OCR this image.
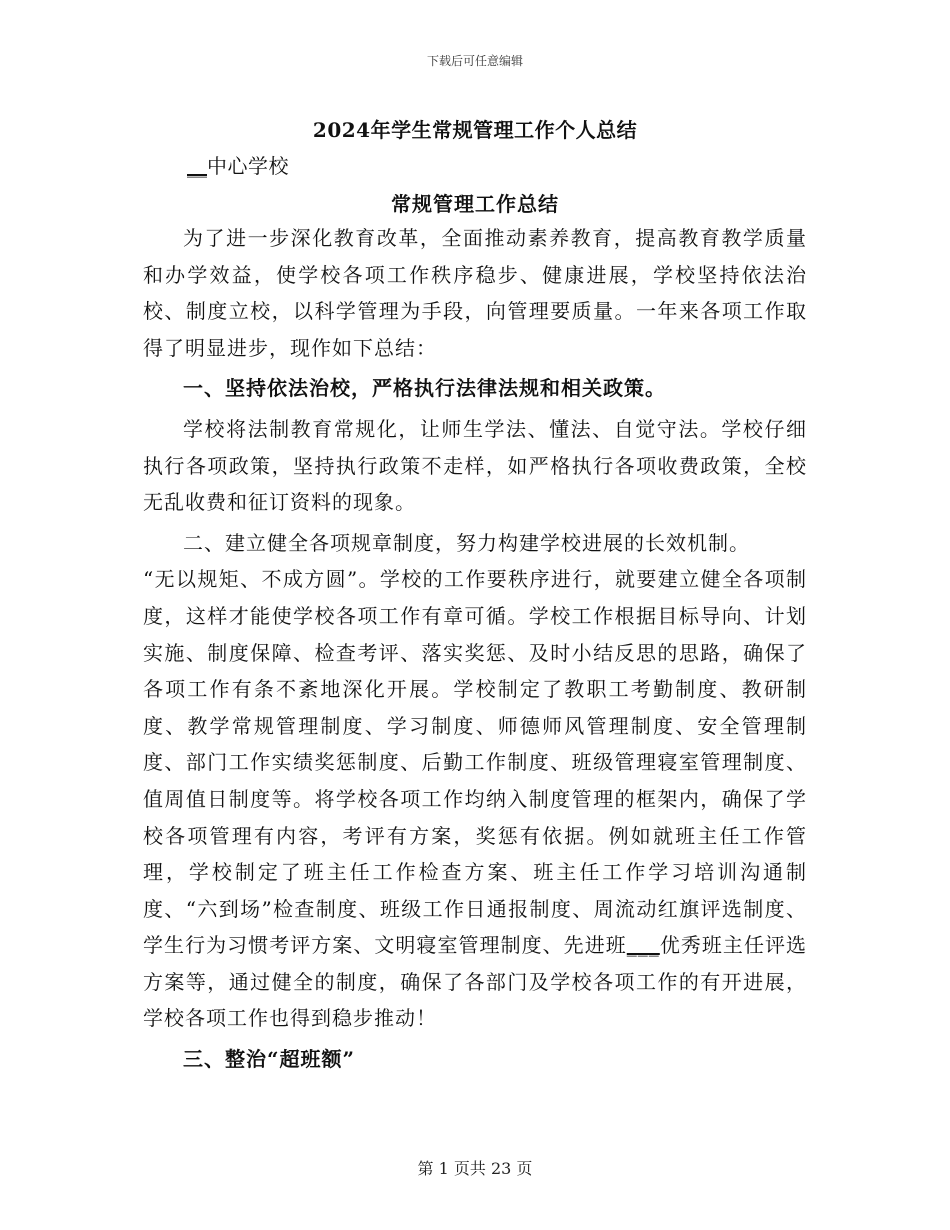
下载后可任意编辑
2024年学生常规管理工作个人总结
__中心学校
常规管理工作总结

为了进一步深化教育改革，全面推动素养教育，提高教育教学质量和办学效益，使学校各项工作秩序稳步、健康进展，学校坚持依法治校、制度立校，以科学管理为手段，向管理要质量。一年来各项工作取得了明显进步，现作如下总结：

一、坚持依法治校，严格执行法律法规和相关政策。

学校将法制教育常规化，让师生学法、懂法、自觉守法。学校仔细执行各项政策，坚持执行政策不走样，如严格执行各项收费政策，全校无乱收费和征订资料的现象。

二、建立健全各项规章制度，努力构建学校进展的长效机制。

“无以规矩、不成方圆”。学校的工作要秩序进行，就要建立健全各项制度，这样才能使学校各项工作有章可循。学校工作根据目标导向、计划实施、制度保障、检查考评、落实奖惩、及时小结反思的思路，确保了各项工作有条不紊地深化开展。学校制定了教职工考勤制度、教研制度、教学常规管理制度、学习制度、师德师风管理制度、安全管理制度、部门工作实绩奖惩制度、后勤工作制度、班级管理寝室管理制度、值周值日制度等。将学校各项工作均纳入制度管理的框架内，确保了学校各项管理有内容，考评有方案，奖惩有依据。例如就班主任工作管理，学校制定了班主任工作检查方案、班主任工作学习培训沟通制度、“六到场”检查制度、班级工作日通报制度、周流动红旗评选制度、学生行为习惯考评方案、文明寝室管理制度、先进班___优秀班主任评选方案等，通过健全的制度，确保了各部门及学校各项工作的有开进展，学校各项工作也得到稳步推动！

三、整治“超班额”

第 1 页共 23 页
